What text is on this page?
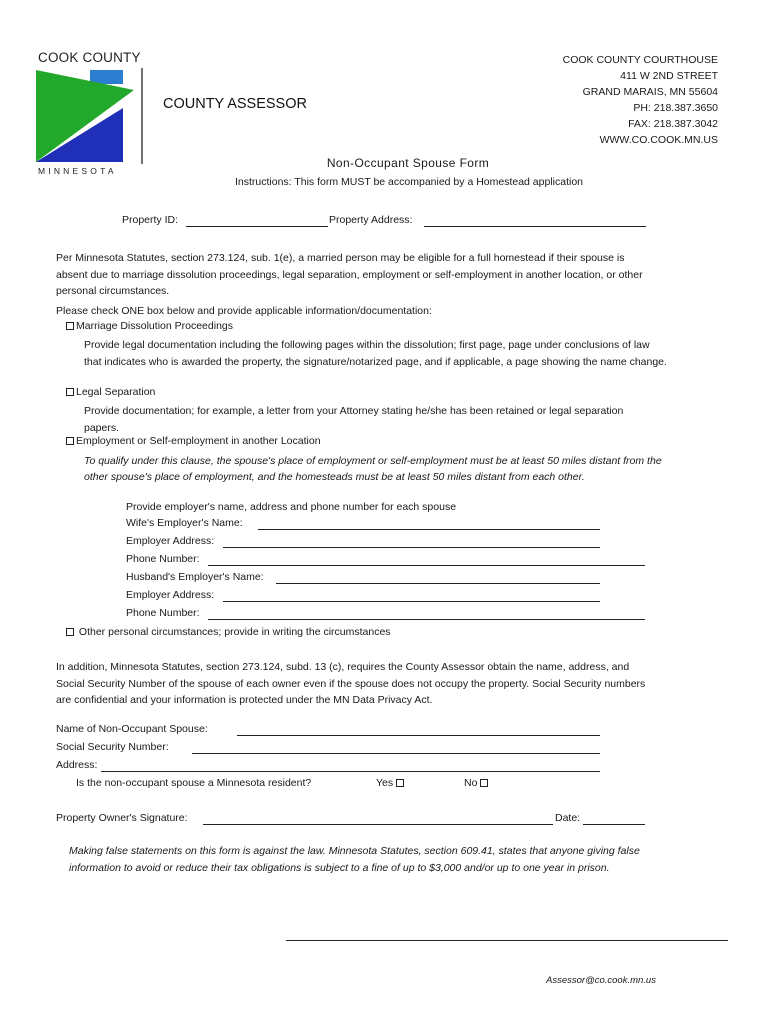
COOK COUNTY
MINNESOTA
COUNTY ASSESSOR
COOK COUNTY COURTHOUSE
411 W 2ND STREET
GRAND MARAIS, MN 55604
PH: 218.387.3650
FAX: 218.387.3042
WWW.CO.COOK.MN.US
Non-Occupant Spouse Form
Instructions: This form MUST be accompanied by a Homestead application
Property ID:	Property Address:
Per Minnesota Statutes, section 273.124, sub. 1(e), a married person may be eligible for a full homestead if their spouse is absent due to marriage dissolution proceedings, legal separation, employment or self-employment in another location, or other personal circumstances.
Please check ONE box below and provide applicable information/documentation:
Marriage Dissolution Proceedings
Provide legal documentation including the following pages within the dissolution; first page, page under conclusions of law that indicates who is awarded the property, the signature/notarized page, and if applicable, a page showing the name change.
Legal Separation
Provide documentation; for example, a letter from your Attorney stating he/she has been retained or legal separation papers.
Employment or Self-employment in another Location
To qualify under this clause, the spouse's place of employment or self-employment must be at least 50 miles distant from the other spouse's place of employment, and the homesteads must be at least 50 miles distant from each other.
Provide employer's name, address and phone number for each spouse
Wife's Employer's Name:
Employer Address:
Phone Number:
Husband's Employer's Name:
Employer Address:
Phone Number:
Other personal circumstances; provide in writing the circumstances
In addition, Minnesota Statutes, section 273.124, subd. 13 (c), requires the County Assessor obtain the name, address, and Social Security Number of the spouse of each owner even if the spouse does not occupy the property. Social Security numbers are confidential and your information is protected under the MN Data Privacy Act.
Name of Non-Occupant Spouse:
Social Security Number:
Address:
Is the non-occupant spouse a Minnesota resident?	Yes	No
Property Owner's Signature:	Date:
Making false statements on this form is against the law. Minnesota Statutes, section 609.41, states that anyone giving false information to avoid or reduce their tax obligations is subject to a fine of up to $3,000 and/or up to one year in prison.
Assessor@co.cook.mn.us
